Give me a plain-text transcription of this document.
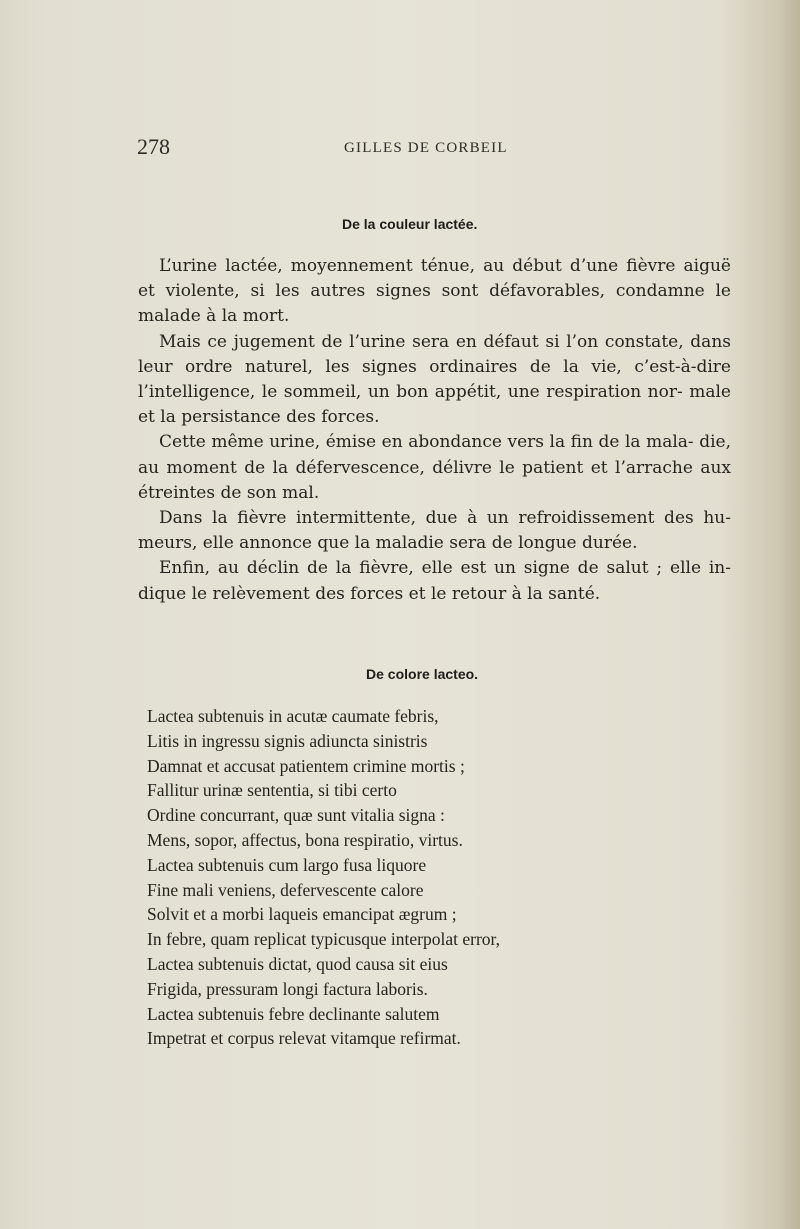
278	GILLES DE CORBEIL
De la couleur lactée.

L’urine lactée, moyennement ténue, au début d’une fièvre aiguë et violente, si les autres signes sont défavorables, condamne le malade à la mort.

Mais ce jugement de l’urine sera en défaut si l’on constate, dans leur ordre naturel, les signes ordinaires de la vie, c’est-à-dire l’intelligence, le sommeil, un bon appétit, une respiration nor- male et la persistance des forces.

Cette même urine, émise en abondance vers la fin de la mala- die, au moment de la défervescence, délivre le patient et l’arrache aux étreintes de son mal.

Dans la fièvre intermittente, due à un refroidissement des hu- meurs, elle annonce que la maladie sera de longue durée.

Enfin, au déclin de la fièvre, elle est un signe de salut ; elle in- dique le relèvement des forces et le retour à la santé.

De colore lacteo.
Lactea subtenuis in acutæ caumate febris,
Litis in ingressu signis adiuncta sinistris
Damnat et accusat patientem crimine mortis ;
Fallitur urinæ sententia, si tibi certo
Ordine concurrant, quæ sunt vitalia signa :
Mens, sopor, affectus, bona respiratio, virtus.
Lactea subtenuis cum largo fusa liquore
Fine mali veniens, defervescente calore
Solvit et a morbi laqueis emancipat ægrum ;
In febre, quam replicat typicusque interpolat error,
Lactea subtenuis dictat, quod causa sit eius
Frigida, pressuram longi factura laboris.
Lactea subtenuis febre declinante salutem
Impetrat et corpus relevat vitamque refirmat.
